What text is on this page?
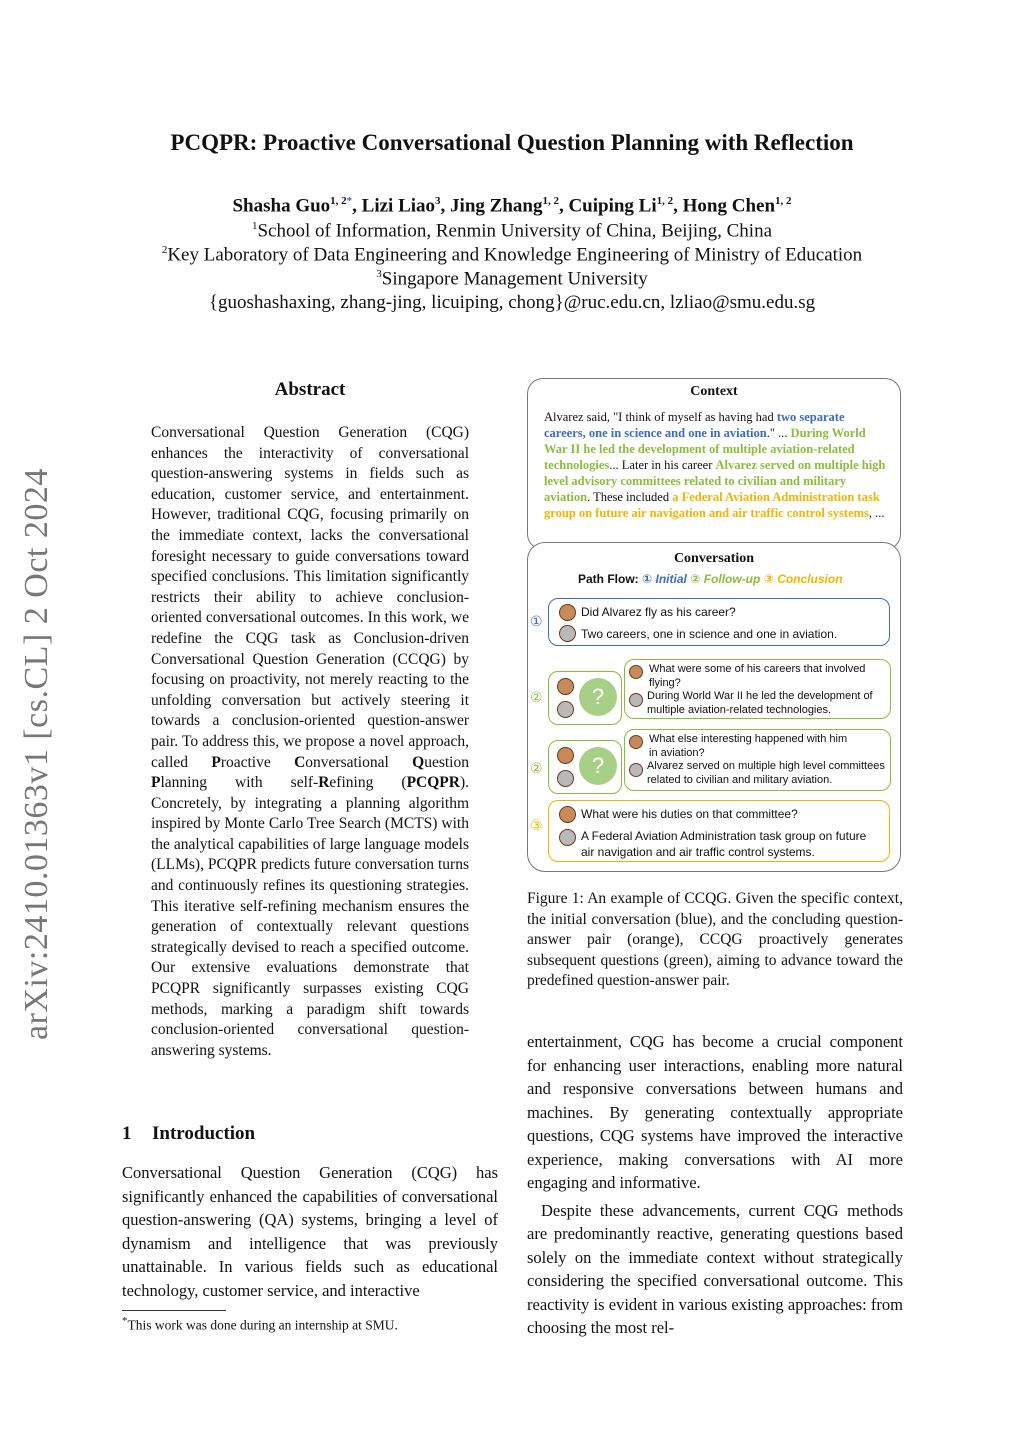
PCQPR: Proactive Conversational Question Planning with Reflection
Shasha Guo$^{1, 2*}$, Lizi Liao$^3$, Jing Zhang$^{1, 2}$, Cuiping Li$^{1, 2}$, Hong Chen$^{1, 2}$
$^1$School of Information, Renmin University of China, Beijing, China
$^2$Key Laboratory of Data Engineering and Knowledge Engineering of Ministry of Education
$^3$Singapore Management University
{guoshashaxing, zhang-jing, licuiping, chong}@ruc.edu.cn, lzliao@smu.edu.sg
arXiv:2410.01363v1 [cs.CL] 2 Oct 2024
Abstract
Conversational Question Generation (CQG) enhances the interactivity of conversational question-answering systems in fields such as education, customer service, and entertainment. However, traditional CQG, focusing primarily on the immediate context, lacks the conversational foresight necessary to guide conversations toward specified conclusions. This limitation significantly restricts their ability to achieve conclusion-oriented conversational outcomes. In this work, we redefine the CQG task as Conclusion-driven Conversational Question Generation (CCQG) by focusing on proactivity, not merely reacting to the unfolding conversation but actively steering it towards a conclusion-oriented question-answer pair. To address this, we propose a novel approach, called Proactive Conversational Question Planning with self-Refining (PCQPR). Concretely, by integrating a planning algorithm inspired by Monte Carlo Tree Search (MCTS) with the analytical capabilities of large language models (LLMs), PCQPR predicts future conversation turns and continuously refines its questioning strategies. This iterative self-refining mechanism ensures the generation of contextually relevant questions strategically devised to reach a specified outcome. Our extensive evaluations demonstrate that PCQPR significantly surpasses existing CQG methods, marking a paradigm shift towards conclusion-oriented conversational question-answering systems.
1 Introduction
Conversational Question Generation (CQG) has significantly enhanced the capabilities of conversational question-answering (QA) systems, bringing a level of dynamism and intelligence that was previously unattainable. In various fields such as educational technology, customer service, and interactive
*This work was done during an internship at SMU.
Context
Alvarez said, "I think of myself as having had two separate careers, one in science and one in aviation." ... During World War II he led the development of multiple aviation-related technologies... Later in his career Alvarez served on multiple high level advisory committees related to civilian and military aviation. These included a Federal Aviation Administration task group on future air navigation and air traffic control systems, ...
Conversation
Path Flow: ① Initial ② Follow-up ③ Conclusion
①
Did Alvarez fly as his career?
Two careers, one in science and one in aviation.
②	?
What were some of his careers that involved flying?
During World War II he led the development of multiple aviation-related technologies.
②	?
What else interesting happened with him in aviation?
Alvarez served on multiple high level committees related to civilian and military aviation.
③
What were his duties on that committee?
A Federal Aviation Administration task group on future air navigation and air traffic control systems.
Figure 1: An example of CCQG. Given the specific context, the initial conversation (blue), and the concluding question-answer pair (orange), CCQG proactively generates subsequent questions (green), aiming to advance toward the predefined question-answer pair.

entertainment, CQG has become a crucial component for enhancing user interactions, enabling more natural and responsive conversations between humans and machines. By generating contextually appropriate questions, CQG systems have improved the interactive experience, making conversations with AI more engaging and informative.

Despite these advancements, current CQG methods are predominantly reactive, generating questions based solely on the immediate context without strategically considering the specified conversational outcome. This reactivity is evident in various existing approaches: from choosing the most rel-
